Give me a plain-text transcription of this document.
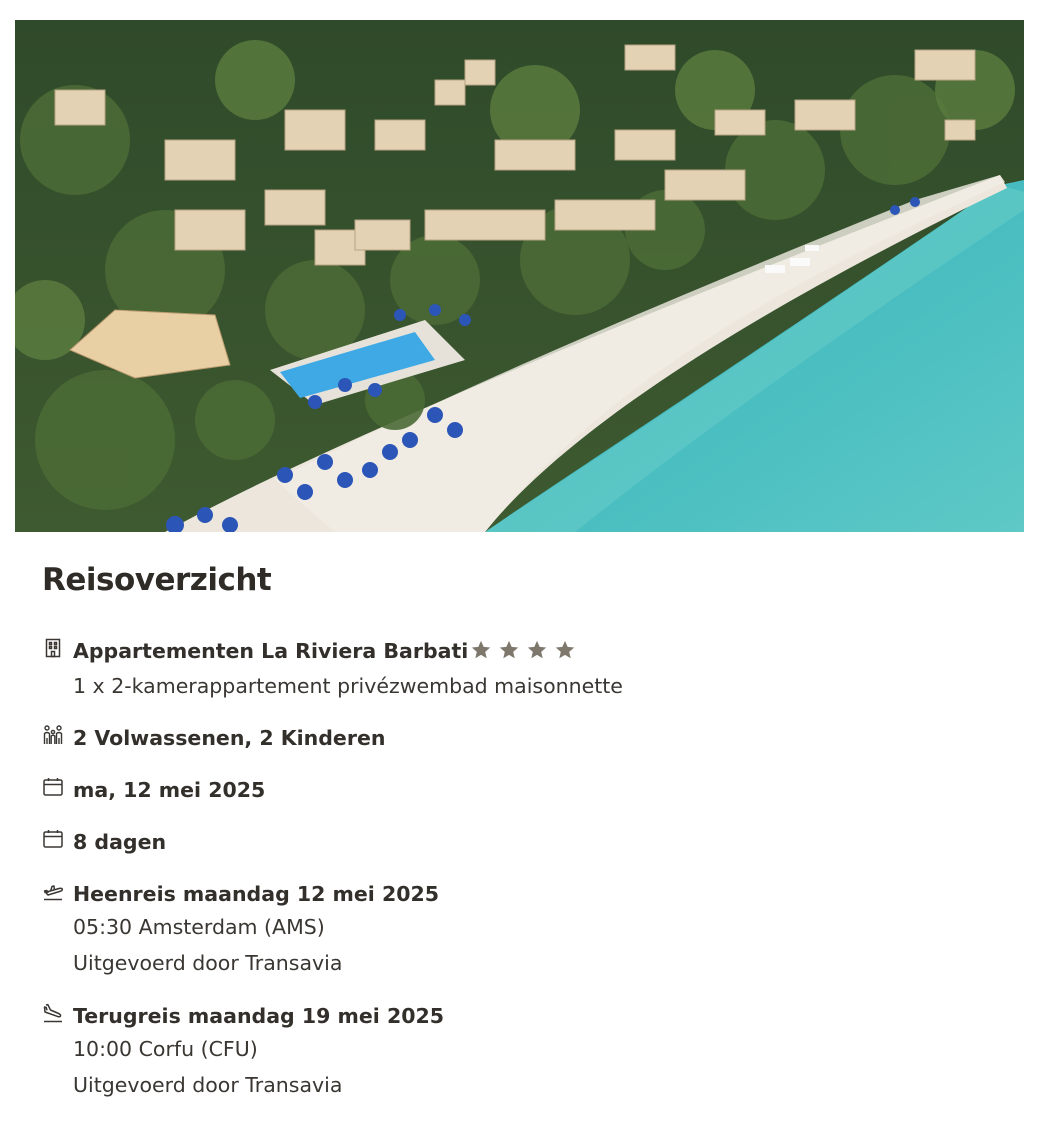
Reisoverzicht
Appartementen La Riviera Barbati
1 x 2-kamerappartement privézwembad maisonnette
2 Volwassenen, 2 Kinderen
ma, 12 mei 2025
8 dagen
Heenreis maandag 12 mei 2025
05:30 Amsterdam (AMS)
Uitgevoerd door Transavia
Terugreis maandag 19 mei 2025
10:00 Corfu (CFU)
Uitgevoerd door Transavia
